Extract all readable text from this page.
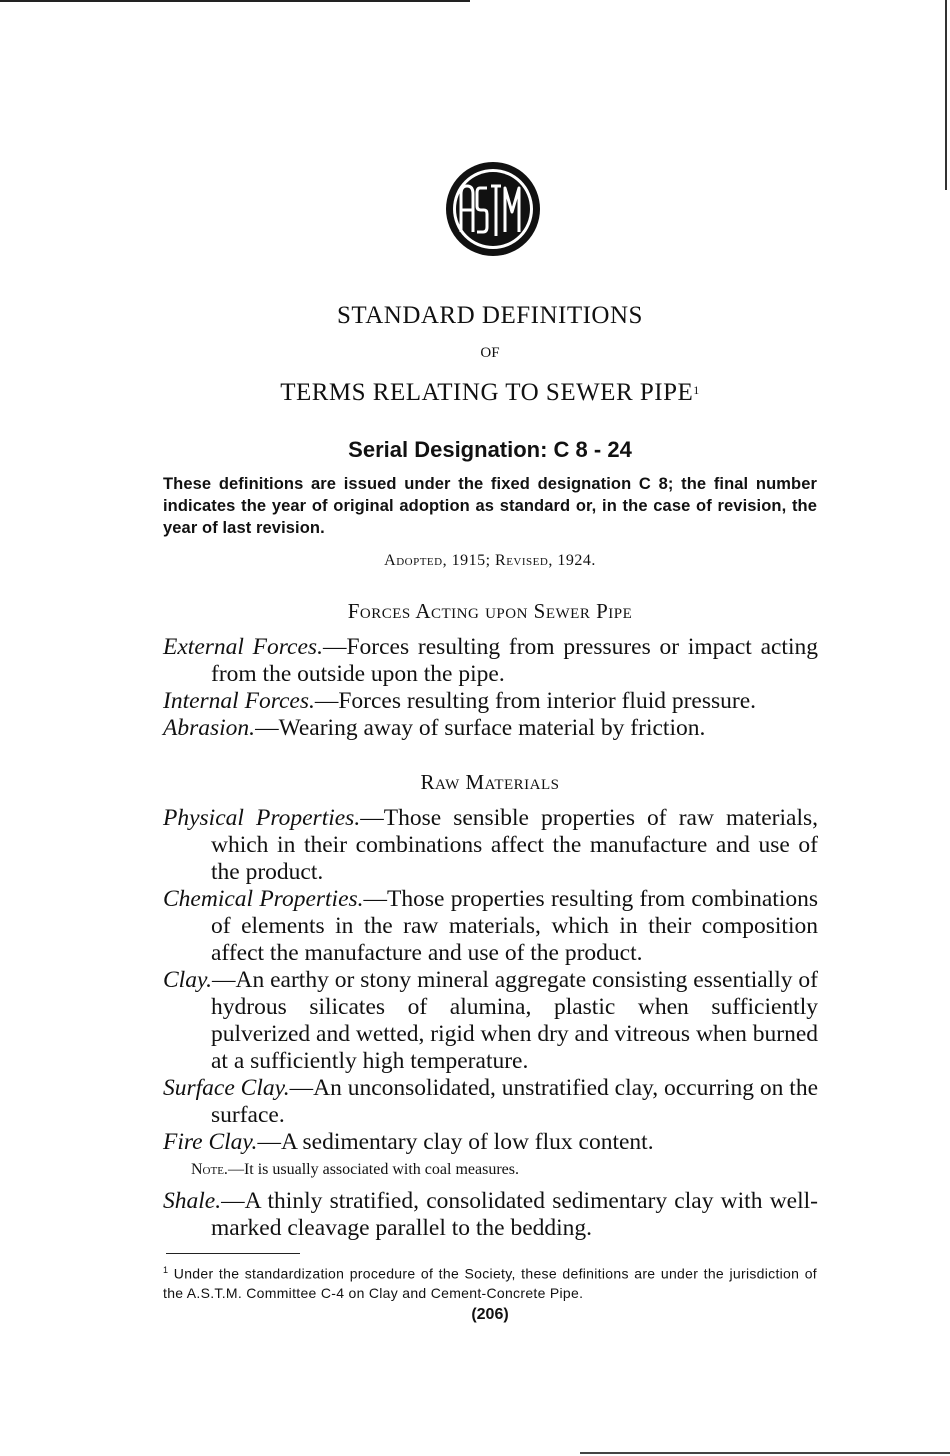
STANDARD DEFINITIONS
OF
TERMS RELATING TO SEWER PIPE$^1$
Serial Designation: C 8 - 24
These definitions are issued under the fixed designation C 8; the final number indicates the year of original adoption as standard or, in the case of revision, the year of last revision.
Adopted, 1915; Revised, 1924.
Forces Acting upon Sewer Pipe

External Forces.—Forces resulting from pressures or impact acting from the outside upon the pipe.

Internal Forces.—Forces resulting from interior fluid pressure.

Abrasion.—Wearing away of surface material by friction.

Raw Materials

Physical Properties.—Those sensible properties of raw materials, which in their combinations affect the manufacture and use of the product.

Chemical Properties.—Those properties resulting from combinations of elements in the raw materials, which in their composition affect the manufacture and use of the product.

Clay.—An earthy or stony mineral aggregate consisting essentially of hydrous silicates of alumina, plastic when sufficiently pulverized and wetted, rigid when dry and vitreous when burned at a sufficiently high temperature.

Surface Clay.—An unconsolidated, unstratified clay, occurring on the surface.

Fire Clay.—A sedimentary clay of low flux content.

Note.—It is usually associated with coal measures.

Shale.—A thinly stratified, consolidated sedimentary clay with well-marked cleavage parallel to the bedding.

$^1$ Under the standardization procedure of the Society, these definitions are under the jurisdiction of the A.S.T.M. Committee C-4 on Clay and Cement-Concrete Pipe.
(206)
